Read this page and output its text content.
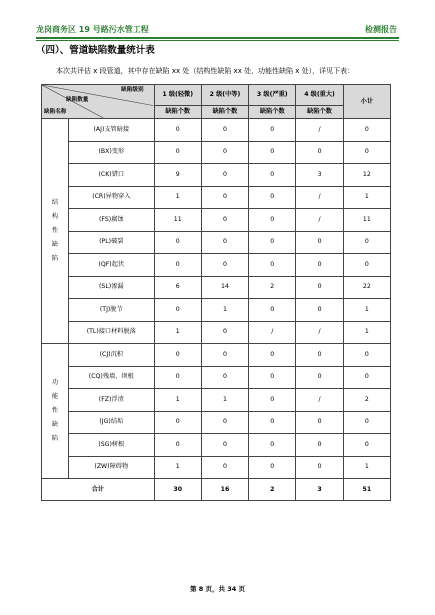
龙岗商务区 19 号路污水管工程	检测报告
（四）、管道缺陷数量统计表
本次共评估 x 段管道，其中存在缺陷 xx 处（结构性缺陷 xx 处，功能性缺陷 x 处），详见下表：
缺陷级别
缺陷数量
缺陷名称		1 级(轻微)	2 级(中等)	3 级(严重)	4 级(重大)	小计
		缺陷个数	缺陷个数	缺陷个数	缺陷个数	

结
构
性
缺
陷	(AJ)支管暗接	0	0	0	/	0
	(BX)变形	0	0	0	0	0
	(CK)错口	9	0	0	3	12
	(CR)异物穿入	1	0	0	/	1
	(FS)腐蚀	11	0	0	/	11
	(PL)破裂	0	0	0	0	0
	(QF)起伏	0	0	0	0	0
	(SL)渗漏	6	14	2	0	22
	(TJ)脱节	0	1	0	0	1
	(TL)接口材料脱落	1	0	/	/	1

功
能
性
缺
陷	(CJ)沉积	0	0	0	0	0
	(CQ)残墙、坝根	0	0	0	0	0
	(FZ)浮渣	1	1	0	/	2
	(JG)结垢	0	0	0	0	0
	(SG)树根	0	0	0	0	0
	(ZW)障碍物	1	0	0	0	1
合计		30	16	2	3	51
第 8 页，共 34 页
